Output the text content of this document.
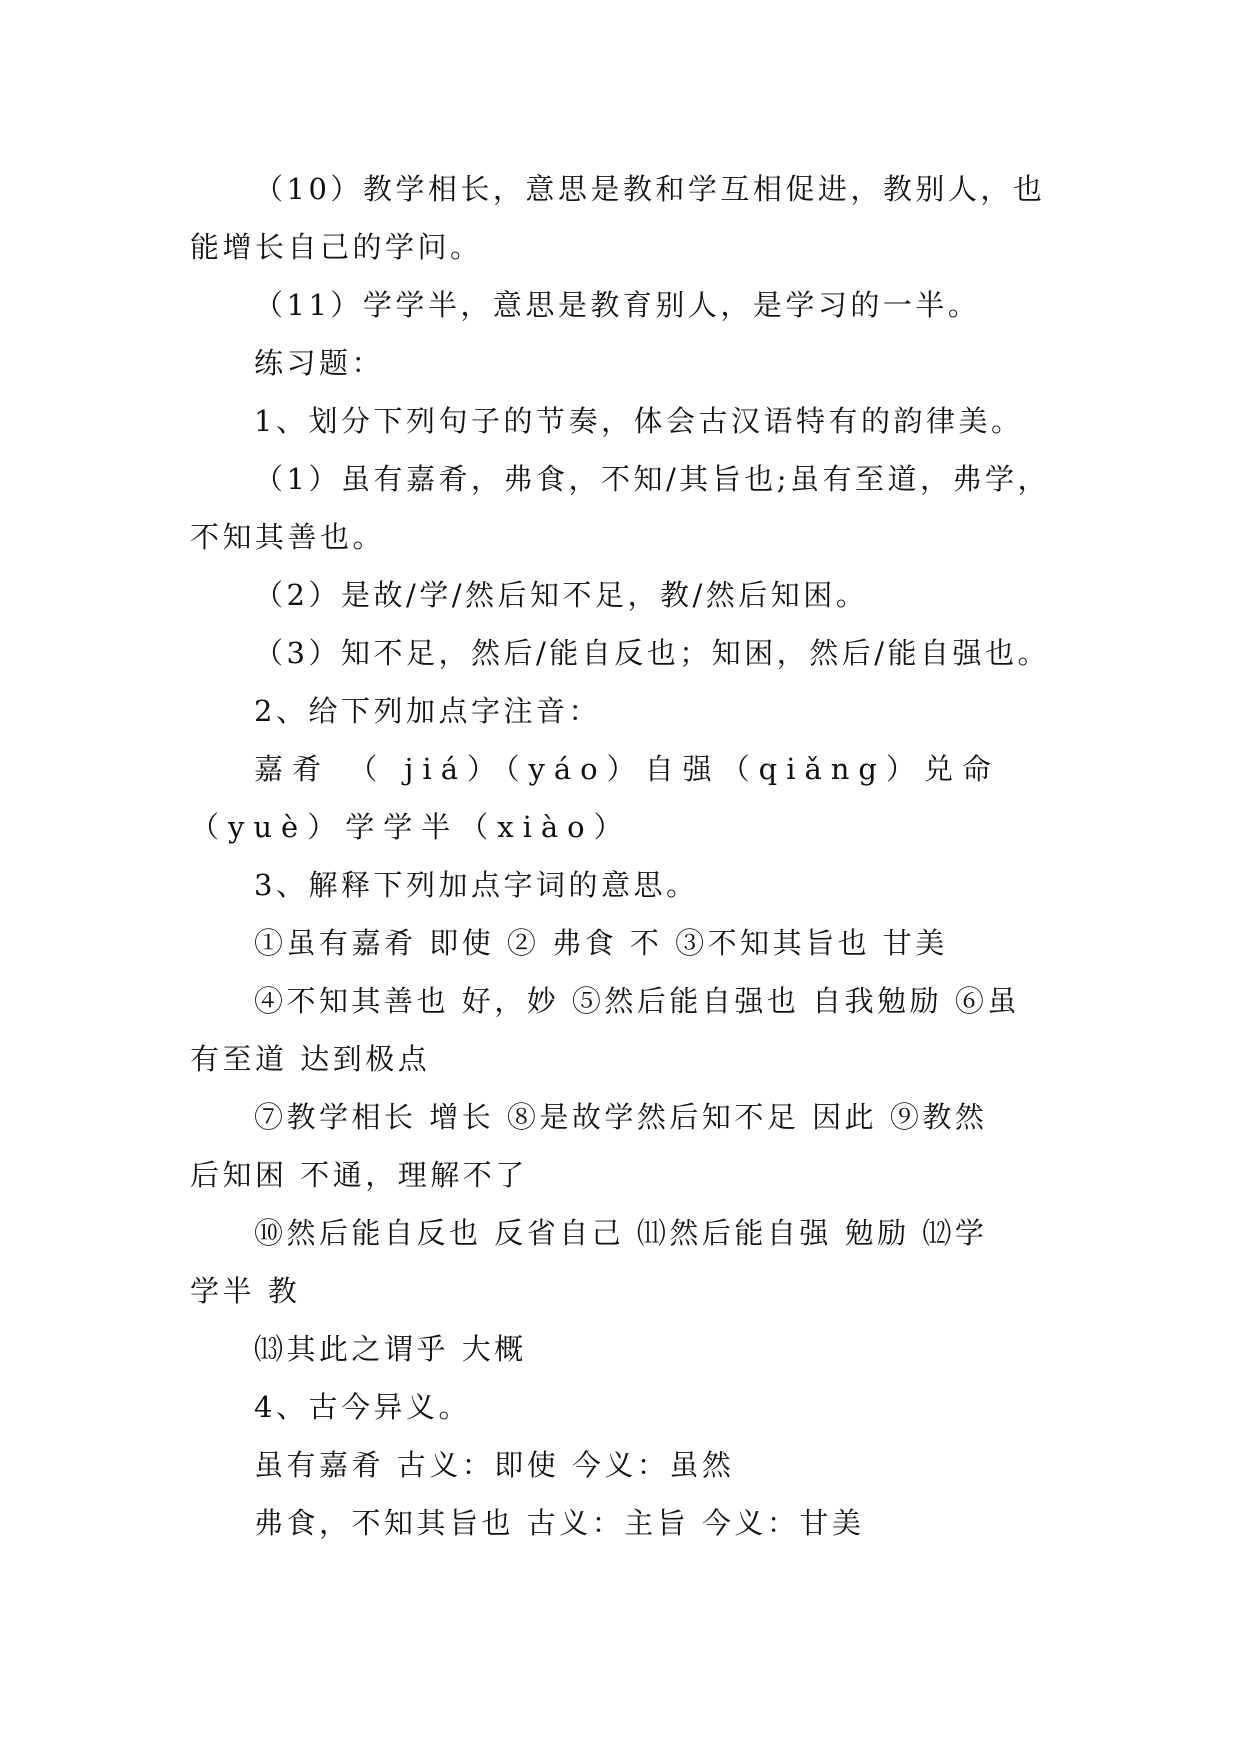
（10）教学相长，意思是教和学互相促进，教别人，也

能增长自己的学问。

（11）学学半，意思是教育别人，是学习的一半。

练习题：

1、划分下列句子的节奏，体会古汉语特有的韵律美。

（1）虽有嘉肴，弗食，不知/其旨也;虽有至道，弗学，

不知其善也。

（2）是故/学/然后知不足，教/然后知困。

（3）知不足，然后/能自反也；知困，然后/能自强也。

2、给下列加点字注音：

嘉肴 （ jiá）（yáo）自强（qiǎng）兑命

（yuè）学学半（xiào）

3、解释下列加点字词的意思。

①虽有嘉肴 即使 ② 弗食 不 ③不知其旨也 甘美

④不知其善也 好，妙 ⑤然后能自强也 自我勉励 ⑥虽

有至道 达到极点

⑦教学相长 增长 ⑧是故学然后知不足 因此 ⑨教然

后知困 不通，理解不了

⑩然后能自反也 反省自己 ⑾然后能自强 勉励 ⑿学

学半 教

⒀其此之谓乎 大概

4、古今异义。

虽有嘉肴 古义：即使 今义：虽然

弗食，不知其旨也 古义：主旨 今义：甘美
